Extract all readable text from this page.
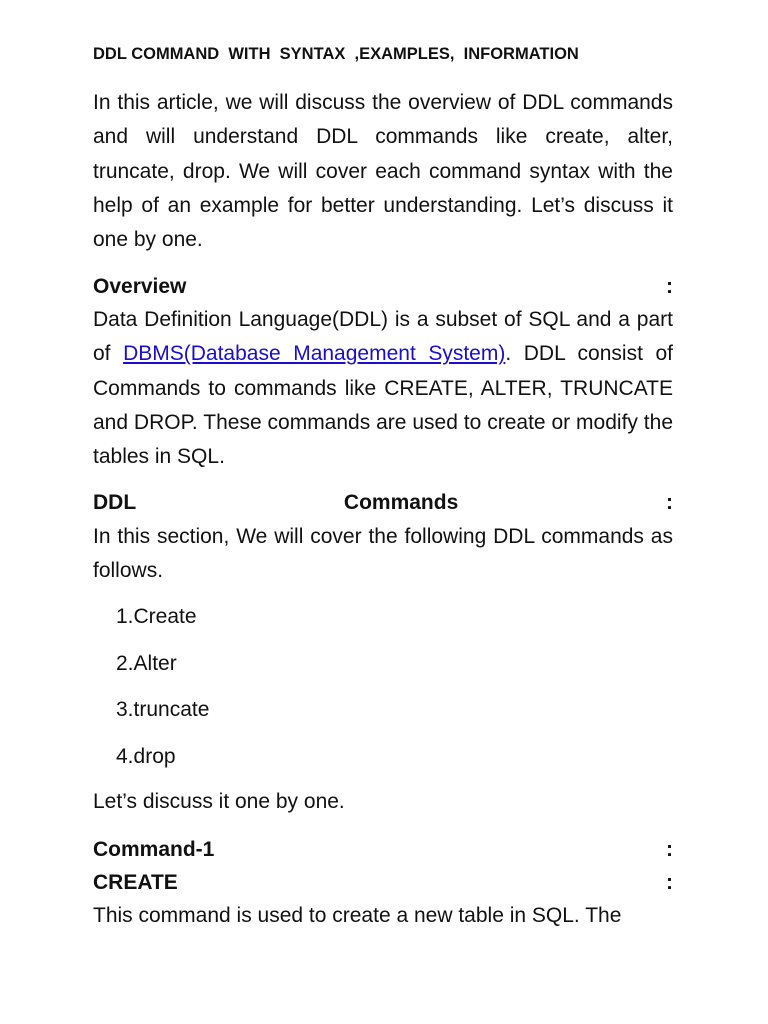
DDL COMMAND  WITH  SYNTAX  ,EXAMPLES,  INFORMATION

In this article, we will discuss the overview of DDL commands and will understand DDL commands like create, alter, truncate, drop. We will cover each command syntax with the help of an example for better understanding. Let’s discuss it one by one.

Overview	:

Data Definition Language(DDL) is a subset of SQL and a part of DBMS(Database Management System). DDL consist of Commands to commands like CREATE, ALTER, TRUNCATE and DROP. These commands are used to create or modify the tables in SQL.

DDL	Commands	:

In this section, We will cover the following DDL commands as follows.

1.Create
2.Alter
3.truncate
4.drop

Let’s discuss it one by one.

Command-1	:
CREATE	:

This command is used to create a new table in SQL. The
